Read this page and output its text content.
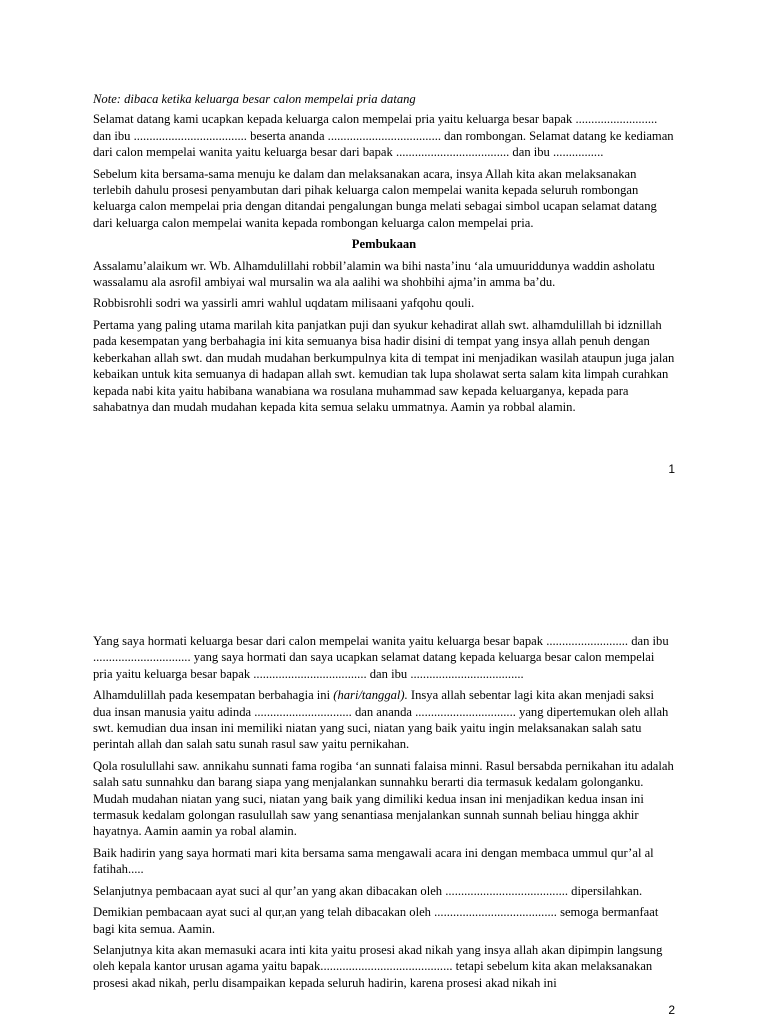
Note: dibaca ketika keluarga besar calon mempelai pria datang

Selamat datang kami ucapkan kepada keluarga calon mempelai pria yaitu keluarga besar bapak .......................... dan ibu .................................... beserta ananda .................................... dan rombongan. Selamat datang ke kediaman dari calon mempelai wanita yaitu keluarga besar dari bapak .................................... dan ibu ................

Sebelum kita bersama-sama menuju ke dalam dan melaksanakan acara, insya Allah kita akan melaksanakan terlebih dahulu prosesi penyambutan dari pihak keluarga calon mempelai wanita kepada seluruh rombongan keluarga calon mempelai pria dengan ditandai pengalungan bunga melati sebagai simbol ucapan selamat datang dari keluarga calon mempelai wanita kepada rombongan keluarga calon mempelai pria.

Pembukaan

Assalamu’alaikum wr. Wb. Alhamdulillahi robbil’alamin wa bihi nasta’inu ‘ala umuuriddunya waddin asholatu wassalamu ala asrofil ambiyai wal mursalin wa ala aalihi wa shohbihi ajma’in amma ba’du.

Robbisrohli sodri wa yassirli amri wahlul uqdatam milisaani yafqohu qouli.

Pertama yang paling utama marilah kita panjatkan puji dan syukur kehadirat allah swt. alhamdulillah bi idznillah pada kesempatan yang berbahagia ini kita semuanya bisa hadir disini di tempat yang insya allah penuh dengan keberkahan allah swt. dan mudah mudahan berkumpulnya kita di tempat ini menjadikan wasilah ataupun juga jalan kebaikan untuk kita semuanya di hadapan allah swt. kemudian tak lupa sholawat serta salam kita limpah curahkan kepada nabi kita yaitu habibana wanabiana wa rosulana muhammad saw kepada keluarganya, kepada para sahabatnya dan mudah mudahan kepada kita semua selaku ummatnya. Aamin ya robbal alamin.

1

Yang saya hormati keluarga besar dari calon mempelai wanita yaitu keluarga besar bapak .......................... dan ibu ............................... yang saya hormati dan saya ucapkan selamat datang kepada keluarga besar calon mempelai pria yaitu keluarga besar bapak .................................... dan ibu ....................................

Alhamdulillah pada kesempatan berbahagia ini (hari/tanggal). Insya allah sebentar lagi kita akan menjadi saksi dua insan manusia yaitu adinda ............................... dan ananda ................................ yang dipertemukan oleh allah swt. kemudian dua insan ini memiliki niatan yang suci, niatan yang baik yaitu ingin melaksanakan salah satu perintah allah dan salah satu sunah rasul saw yaitu pernikahan.

Qola rosulullahi saw. annikahu sunnati fama rogiba ‘an sunnati falaisa minni. Rasul bersabda pernikahan itu adalah salah satu sunnahku dan barang siapa yang menjalankan sunnahku berarti dia termasuk kedalam golonganku. Mudah mudahan niatan yang suci, niatan yang baik yang dimiliki kedua insan ini menjadikan kedua insan ini termasuk kedalam golongan rasulullah saw yang senantiasa menjalankan sunnah sunnah beliau hingga akhir hayatnya. Aamin aamin ya robal alamin.

Baik hadirin yang saya hormati mari kita bersama sama mengawali acara ini dengan membaca ummul qur’al al fatihah.....

Selanjutnya pembacaan ayat suci al qur’an yang akan dibacakan oleh ....................................... dipersilahkan.

Demikian pembacaan ayat suci al qur,an yang telah dibacakan oleh ....................................... semoga bermanfaat bagi kita semua. Aamin.

Selanjutnya kita akan memasuki acara inti kita yaitu prosesi akad nikah yang insya allah akan dipimpin langsung oleh kepala kantor urusan agama yaitu bapak.......................................... tetapi sebelum kita akan melaksanakan prosesi akad nikah, perlu disampaikan kepada seluruh hadirin, karena prosesi akad nikah ini

2
